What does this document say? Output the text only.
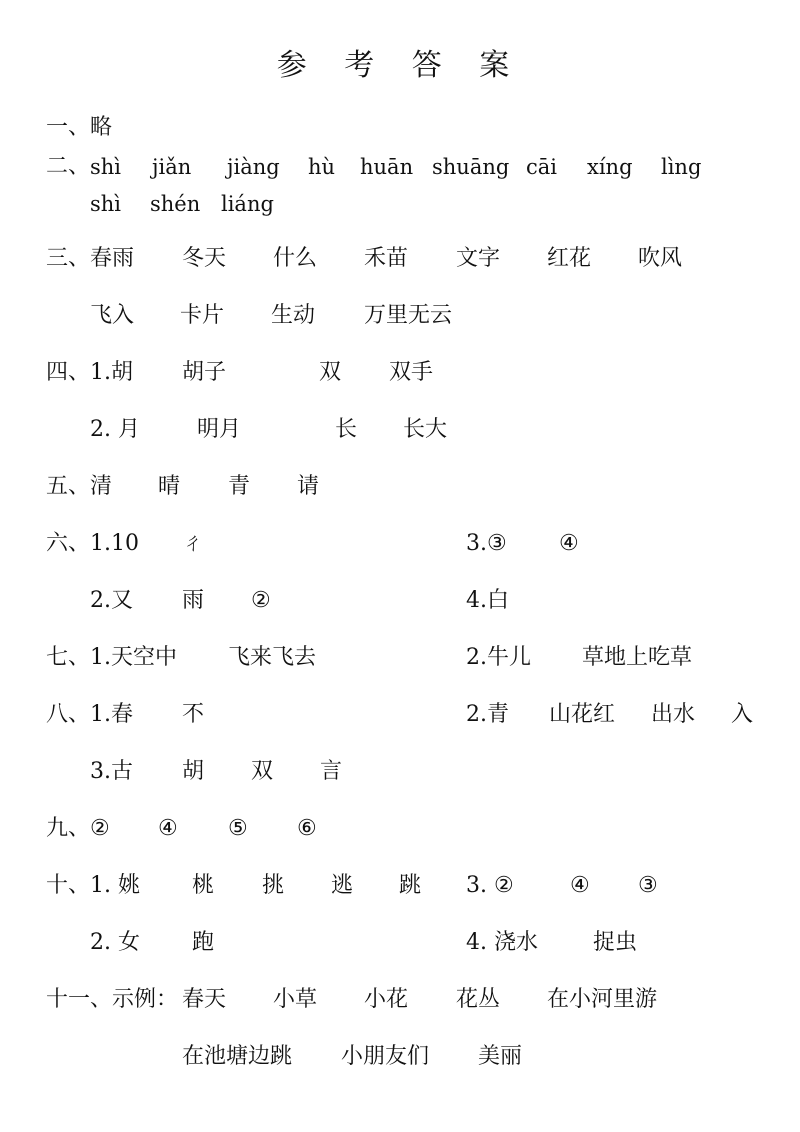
参 考 答 案
一、 略
二、 shì jiǎn jiàng hù huān shuāng cāi xíng lìng
shì shén liáng
三、 春雨 冬天 什么 禾苗 文字 红花 吹风
飞入 卡片 生动 万里无云
四、 1.胡 胡子	双 双手
2. 月	明月	长 长大
五、 清 晴 青 请
六、 1.10 ㄔ	3.③ ④
2.又 雨 ②	4.白
七、 1.天空中 飞来飞去	2.牛儿 草地上吃草
八、 1.春 不	2.青 山花红 出水 入
3.古 胡 双 言
九、 ② ④ ⑤ ⑥
十、 1. 姚 桃 挑 逃 跳 3. ②	④ ③
2. 女 跑	4. 浇水	捉虫
十一、 示例： 春天 小草 小花 花丛 在小河里游
在池塘边跳 小朋友们 美丽
